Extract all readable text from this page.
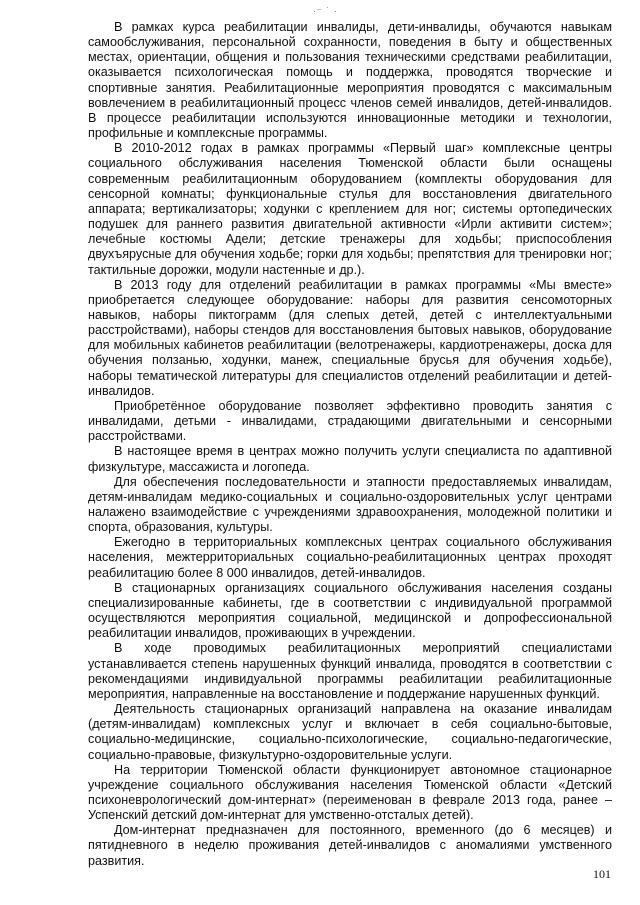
·⁻ ˙ ·

В рамках курса реабилитации инвалиды, дети-инвалиды, обучаются навыкам самообслуживания, персональной сохранности, поведения в быту и общественных местах, ориентации, общения и пользования техническими средствами реабилитации, оказывается психологическая помощь и поддержка, проводятся творческие и спортивные занятия. Реабилитационные мероприятия проводятся с максимальным вовлечением в реабилитационный процесс членов семей инвалидов, детей-инвалидов. В процессе реабилитации используются инновационные методики и технологии, профильные и комплексные программы.

В 2010-2012 годах в рамках программы «Первый шаг» комплексные центры социального обслуживания населения Тюменской области были оснащены современным реабилитационным оборудованием (комплекты оборудования для сенсорной комнаты; функциональные стулья для восстановления двигательного аппарата; вертикализаторы; ходунки с креплением для ног; системы ортопедических подушек для раннего развития двигательной активности «Ирли активити систем»; лечебные костюмы Адели; детские тренажеры для ходьбы; приспособления двухъярусные для обучения ходьбе; горки для ходьбы; препятствия для тренировки ног; тактильные дорожки, модули настенные и др.).

В 2013 году для отделений реабилитации в рамках программы «Мы вместе» приобретается следующее оборудование: наборы для развития сенсомоторных навыков, наборы пиктограмм (для слепых детей, детей с интеллектуальными расстройствами), наборы стендов для восстановления бытовых навыков, оборудование для мобильных кабинетов реабилитации (велотренажеры, кардиотренажеры, доска для обучения ползанью, ходунки, манеж, специальные брусья для обучения ходьбе), наборы тематической литературы для специалистов отделений реабилитации и детей-инвалидов.

Приобретённое оборудование позволяет эффективно проводить занятия с инвалидами, детьми - инвалидами, страдающими двигательными и сенсорными расстройствами.

В настоящее время в центрах можно получить услуги специалиста по адаптивной физкультуре, массажиста и логопеда.

Для обеспечения последовательности и этапности предоставляемых инвалидам, детям-инвалидам медико-социальных и социально-оздоровительных услуг центрами налажено взаимодействие с учреждениями здравоохранения, молодежной политики и спорта, образования, культуры.

Ежегодно в территориальных комплексных центрах социального обслуживания населения, межтерриториальных социально-реабилитационных центрах проходят реабилитацию более 8 000 инвалидов, детей-инвалидов.

В стационарных организациях социального обслуживания населения созданы специализированные кабинеты, где в соответствии с индивидуальной программой осуществляются мероприятия социальной, медицинской и допрофессиональной реабилитации инвалидов, проживающих в учреждении.

В ходе проводимых реабилитационных мероприятий специалистами устанавливается степень нарушенных функций инвалида, проводятся в соответствии с рекомендациями индивидуальной программы реабилитации реабилитационные мероприятия, направленные на восстановление и поддержание нарушенных функций.

Деятельность стационарных организаций направлена на оказание инвалидам (детям-инвалидам) комплексных услуг и включает в себя социально-бытовые, социально-медицинские, социально-психологические, социально-педагогические, социально-правовые, физкультурно-оздоровительные услуги.

На территории Тюменской области функционирует автономное стационарное учреждение социального обслуживания населения Тюменской области «Детский психоневрологический дом-интернат» (переименован в феврале 2013 года, ранее – Успенский детский дом-интернат для умственно-отсталых детей).

Дом-интернат предназначен для постоянного, временного (до 6 месяцев) и пятидневного в неделю проживания детей-инвалидов с аномалиями умственного развития.

101
